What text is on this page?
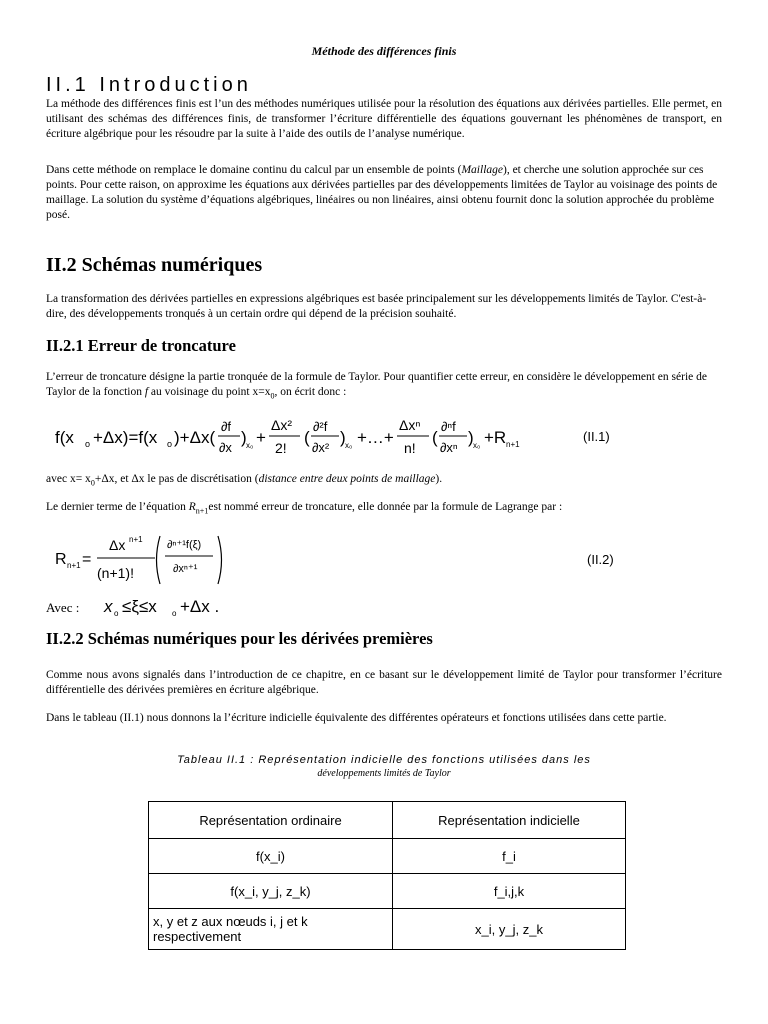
Méthode des différences finis
II.1 Introduction

La méthode des différences finis est l’un des méthodes numériques utilisée pour la résolution des équations aux dérivées partielles. Elle permet, en utilisant des schémas des différences finis, de transformer l’écriture différentielle des équations gouvernant les phénomènes de transport, en écriture algébrique pour les résoudre par la suite à l’aide des outils de l’analyse numérique.

Dans cette méthode on remplace le domaine continu du calcul par un ensemble de points (Maillage), et cherche une solution approchée sur ces points. Pour cette raison, on approxime les équations aux dérivées partielles par des développements limitées de Taylor au voisinage des points de maillage. La solution du système d’équations algébriques, linéaires ou non linéaires, ainsi obtenu fournit donc la solution approchée du problème posé.

II.2 Schémas numériques

La transformation des dérivées partielles en expressions algébriques est basée principalement sur les développements limités de Taylor. C'est-à-dire, des développements tronqués à un certain ordre qui dépend de la précision souhaité.

II.2.1 Erreur de troncature

L’erreur de troncature désigne la partie tronquée de la formule de Taylor. Pour quantifier cette erreur, en considère le développement en série de Taylor de la fonction f au voisinage du point $x=x_0$, on écrit donc :

f(x o +Δx)=f(x o )+Δx(
∂f
∂x
) x₀ +
Δx²
2!
(
∂²f
∂x²
) x₀ +…+
Δxⁿ
n!
(
∂ⁿf
∂xⁿ
) x₀ +R n+1
(II.1)

avec $x= x_0+\Delta x$, et Δx le pas de discrétisation (distance entre deux points de maillage).

Le dernier terme de l’équation $R_{n+1}est$ nommé erreur de troncature, elle donnée par la formule de Lagrange par :

R n+1 =
Δx n+1
(n+1)!
∂ⁿ⁺¹f(ξ)
∂xⁿ⁺¹
(II.2)
Avec :	x o ≤ξ≤x o +Δx .
II.2.2 Schémas numériques pour les dérivées premières

Comme nous avons signalés dans l’introduction de ce chapitre, en ce basant sur le développement limité de Taylor pour transformer l’écriture différentielle des dérivées premières en écriture algébrique.

Dans le tableau (II.1) nous donnons la l’écriture indicielle équivalente des différentes opérateurs et fonctions utilisées dans cette partie.

Tableau II.1 : Représentation indicielle des fonctions utilisées dans les
développements limités de Taylor
Représentation ordinaire	Représentation indicielle
f(x_i)	f_i
f(x_i, y_j, z_k)	f_i,j,k
x, y et z aux nœuds i, j et k respectivement	x_i, y_j, z_k
